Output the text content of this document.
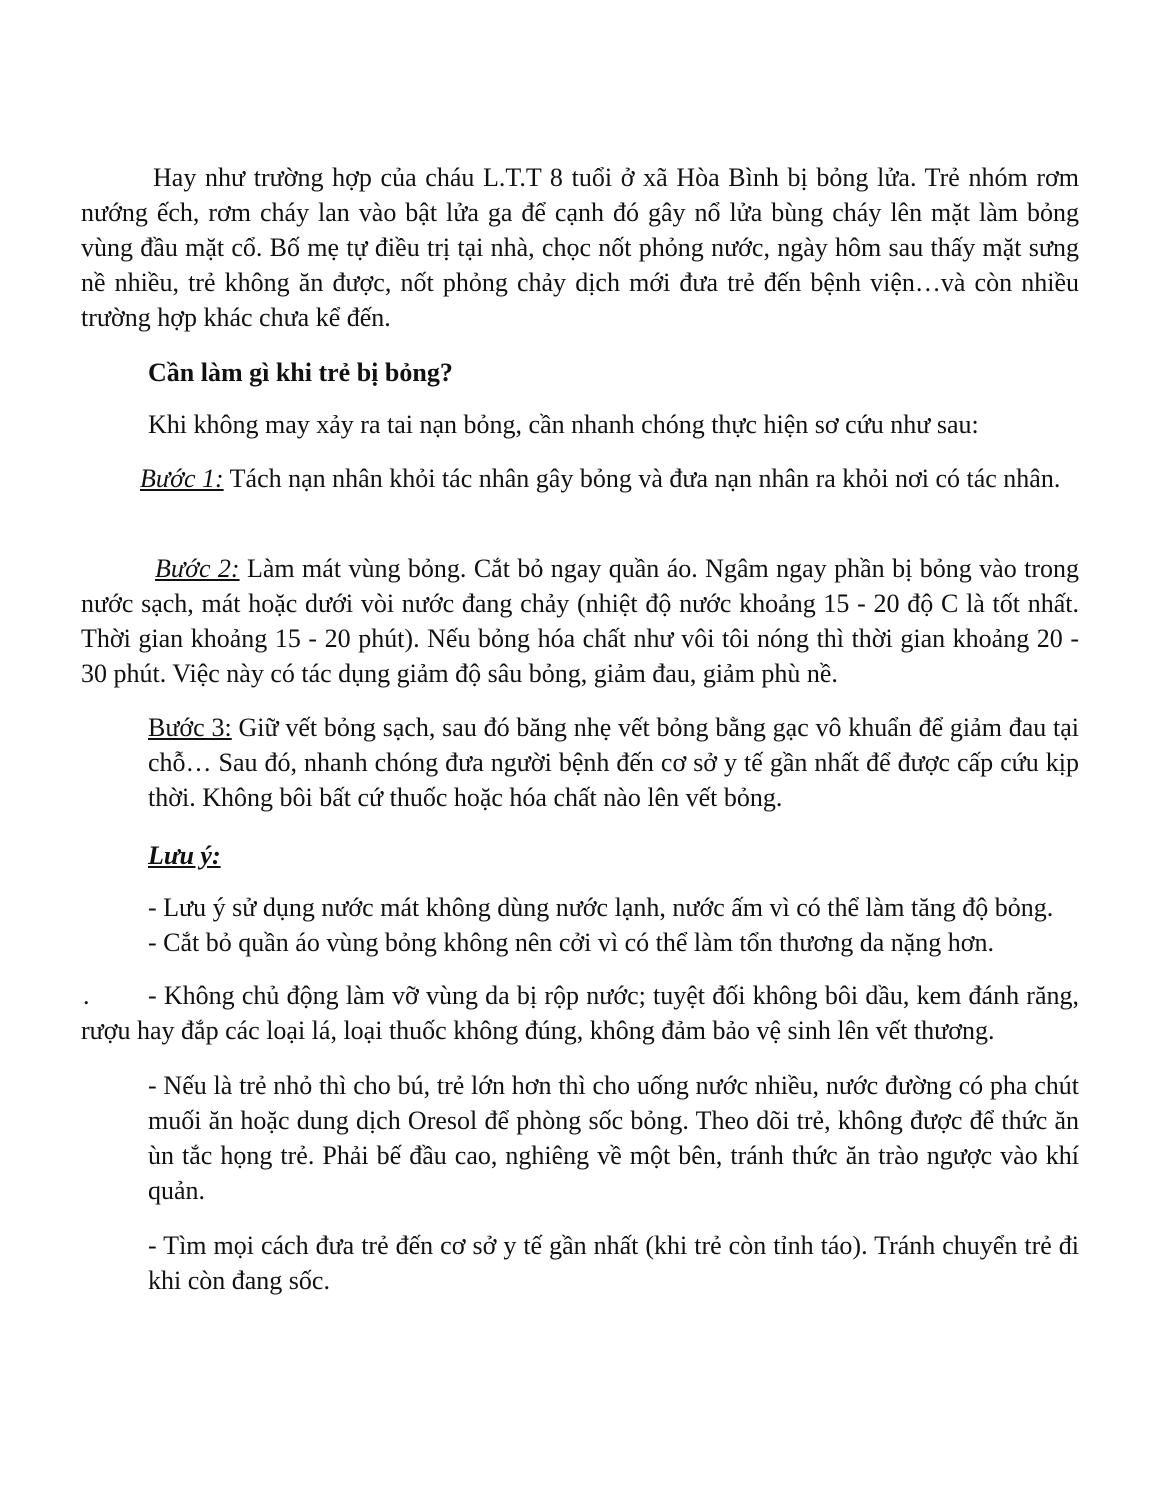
Hay như trường hợp của cháu L.T.T 8 tuổi ở xã Hòa Bình bị bỏng lửa. Trẻ nhóm rơm nướng ếch, rơm cháy lan vào bật lửa ga để cạnh đó gây nổ lửa bùng cháy lên mặt làm bỏng vùng đầu mặt cổ. Bố mẹ tự điều trị tại nhà, chọc nốt phỏng nước, ngày hôm sau thấy mặt sưng nề nhiều, trẻ không ăn được, nốt phỏng chảy dịch mới đưa trẻ đến bệnh viện…và còn nhiều trường hợp khác chưa kể đến.

Cần làm gì khi trẻ bị bỏng?

Khi không may xảy ra tai nạn bỏng, cần nhanh chóng thực hiện sơ cứu như sau:

Bước 1: Tách nạn nhân khỏi tác nhân gây bỏng và đưa nạn nhân ra khỏi nơi có tác nhân.

Bước 2: Làm mát vùng bỏng. Cắt bỏ ngay quần áo. Ngâm ngay phần bị bỏng vào trong nước sạch, mát hoặc dưới vòi nước đang chảy (nhiệt độ nước khoảng 15 - 20 độ C là tốt nhất. Thời gian khoảng 15 - 20 phút). Nếu bỏng hóa chất như vôi tôi nóng thì thời gian khoảng 20 - 30 phút. Việc này có tác dụng giảm độ sâu bỏng, giảm đau, giảm phù nề.

Bước 3: Giữ vết bỏng sạch, sau đó băng nhẹ vết bỏng bằng gạc vô khuẩn để giảm đau tại chỗ… Sau đó, nhanh chóng đưa người bệnh đến cơ sở y tế gần nhất để được cấp cứu kịp thời. Không bôi bất cứ thuốc hoặc hóa chất nào lên vết bỏng.

Lưu ý:

- Lưu ý sử dụng nước mát không dùng nước lạnh, nước ấm vì có thể làm tăng độ bỏng.

- Cắt bỏ quần áo vùng bỏng không nên cởi vì có thể làm tổn thương da nặng hơn.

.	- Không chủ động làm vỡ vùng da bị rộp nước; tuyệt đối không bôi dầu, kem đánh răng, rượu hay đắp các loại lá, loại thuốc không đúng, không đảm bảo vệ sinh lên vết thương.

- Nếu là trẻ nhỏ thì cho bú, trẻ lớn hơn thì cho uống nước nhiều, nước đường có pha chút muối ăn hoặc dung dịch Oresol để phòng sốc bỏng. Theo dõi trẻ, không được để thức ăn ùn tắc họng trẻ. Phải bế đầu cao, nghiêng về một bên, tránh thức ăn trào ngược vào khí quản.

- Tìm mọi cách đưa trẻ đến cơ sở y tế gần nhất (khi trẻ còn tỉnh táo). Tránh chuyển trẻ đi khi còn đang sốc.
